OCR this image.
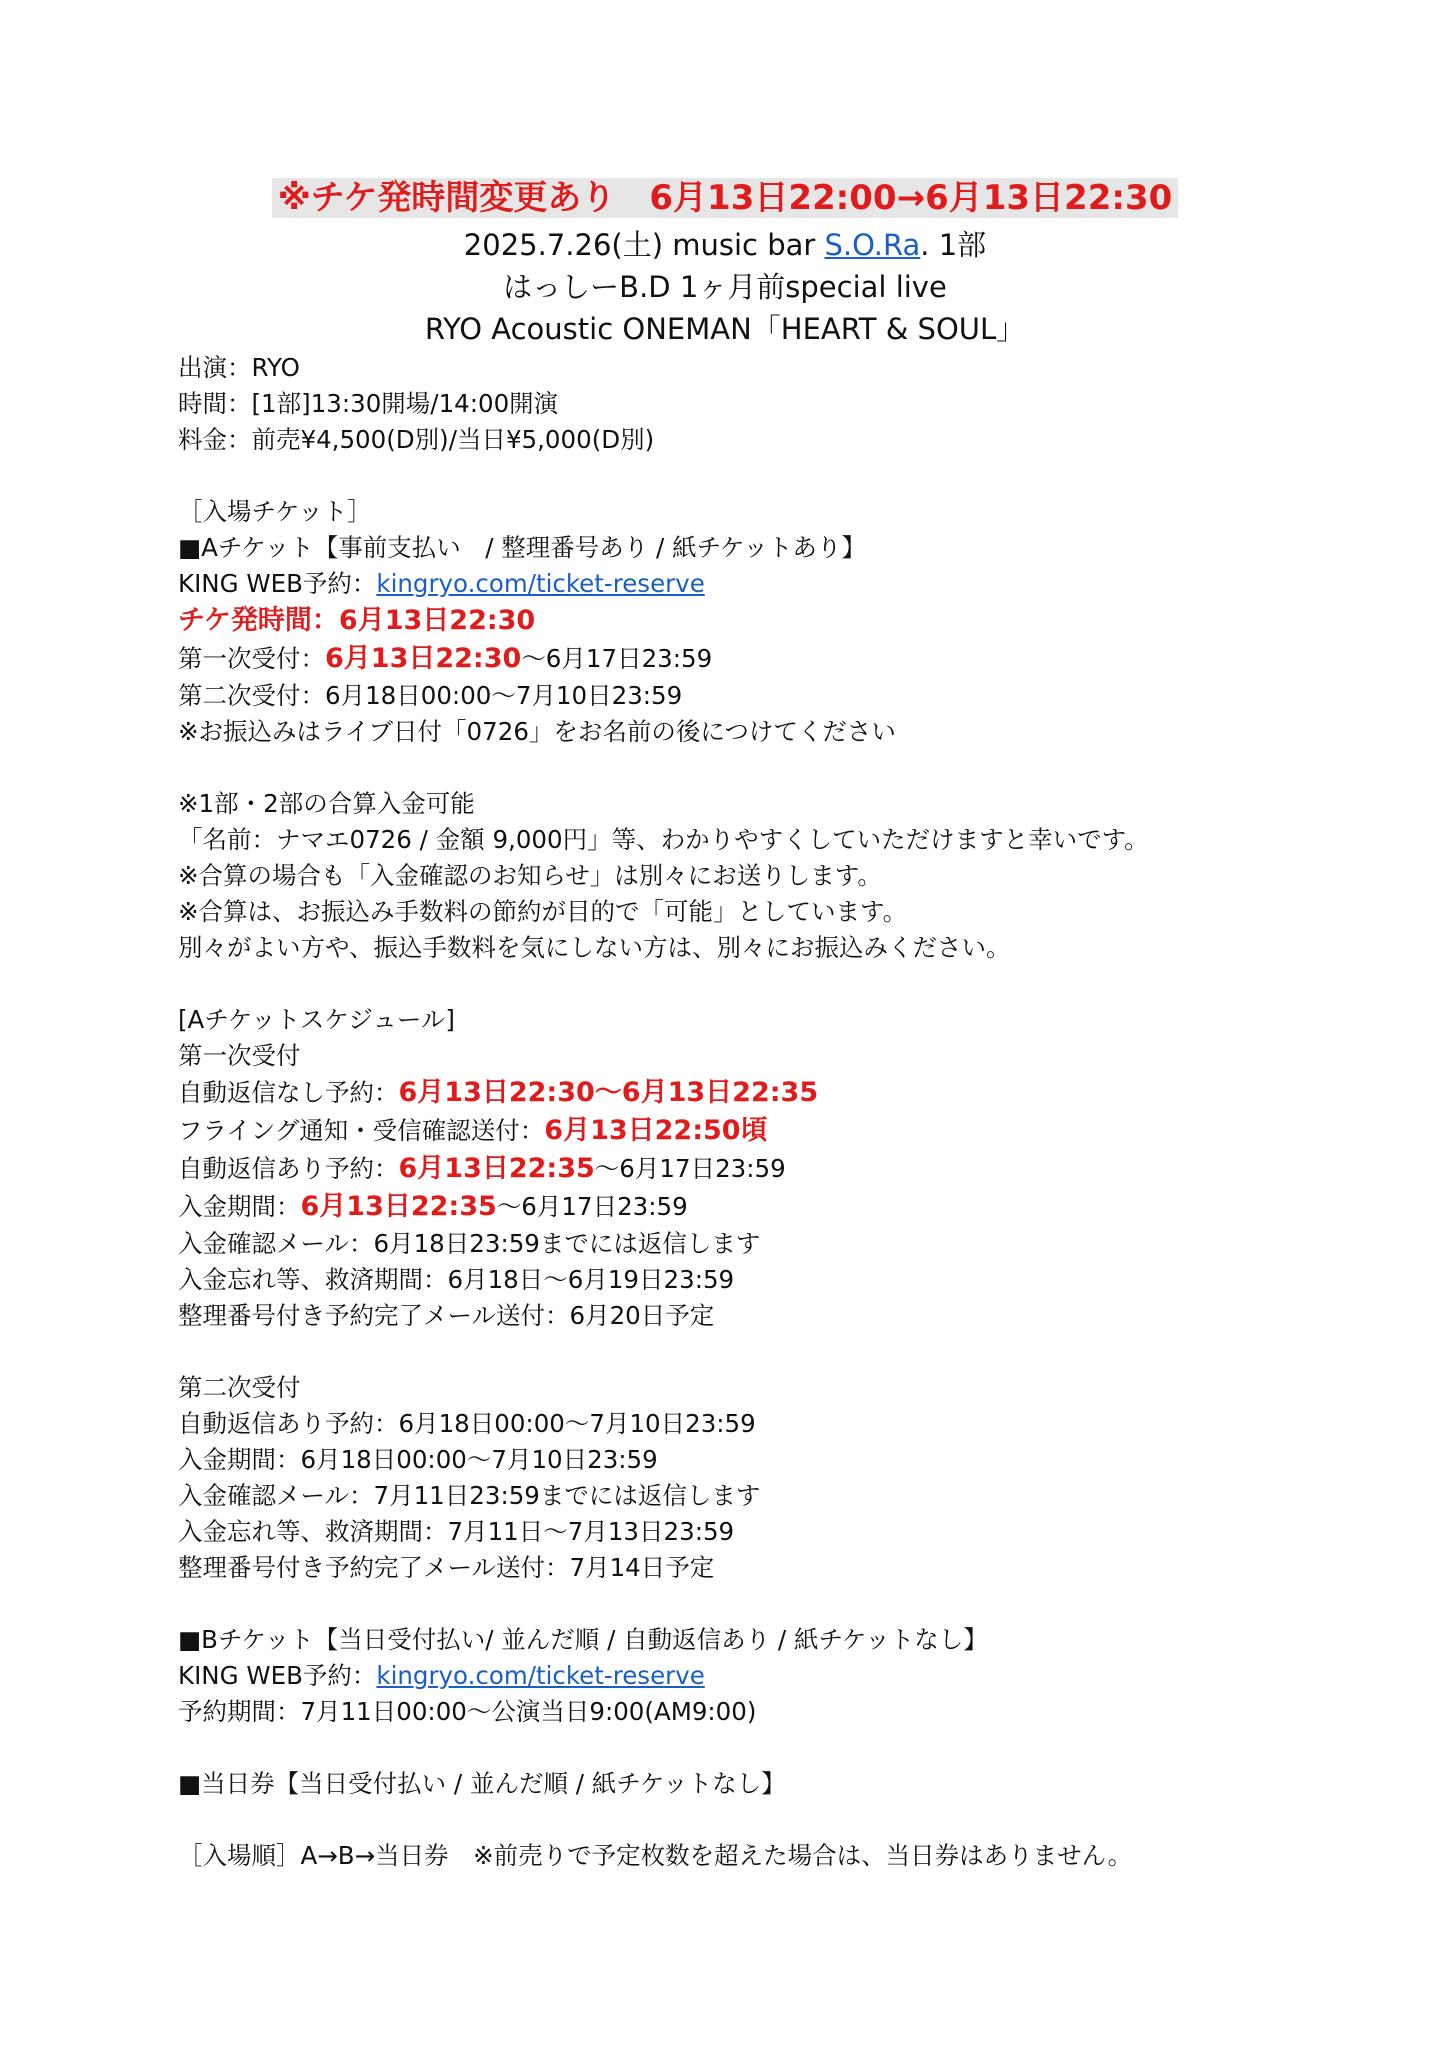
※チケ発時間変更あり　6月13日22:00→6月13日22:30
2025.7.26(土) music bar S.O.Ra. 1部
はっしーB.D 1ヶ月前special live
RYO Acoustic ONEMAN「HEART & SOUL」
出演：RYO
時間：[1部]13:30開場/14:00開演
料金：前売¥4,500(D別)/当日¥5,000(D別)
［入場チケット］
■Aチケット【事前支払い　/ 整理番号あり / 紙チケットあり】
KING WEB予約：kingryo.com/ticket-reserve
チケ発時間：6月13日22:30
第一次受付：6月13日22:30〜6月17日23:59
第二次受付：6月18日00:00〜7月10日23:59
※お振込みはライブ日付「0726」をお名前の後につけてください
※1部・2部の合算入金可能
「名前：ナマエ0726 / 金額 9,000円」等、わかりやすくしていただけますと幸いです。
※合算の場合も「入金確認のお知らせ」は別々にお送りします。
※合算は、お振込み手数料の節約が目的で「可能」としています。
別々がよい方や、振込手数料を気にしない方は、別々にお振込みください。
[Aチケットスケジュール]
第一次受付
自動返信なし予約：6月13日22:30〜6月13日22:35
フライング通知・受信確認送付：6月13日22:50頃
自動返信あり予約：6月13日22:35〜6月17日23:59
入金期間：6月13日22:35〜6月17日23:59
入金確認メール：6月18日23:59までには返信します
入金忘れ等、救済期間：6月18日〜6月19日23:59
整理番号付き予約完了メール送付：6月20日予定
第二次受付
自動返信あり予約：6月18日00:00〜7月10日23:59
入金期間：6月18日00:00〜7月10日23:59
入金確認メール：7月11日23:59までには返信します
入金忘れ等、救済期間：7月11日〜7月13日23:59
整理番号付き予約完了メール送付：7月14日予定
■Bチケット【当日受付払い/ 並んだ順 / 自動返信あり / 紙チケットなし】
KING WEB予約：kingryo.com/ticket-reserve
予約期間：7月11日00:00〜公演当日9:00(AM9:00)
■当日券【当日受付払い / 並んだ順 / 紙チケットなし】
［入場順］A→B→当日券　※前売りで予定枚数を超えた場合は、当日券はありません。
